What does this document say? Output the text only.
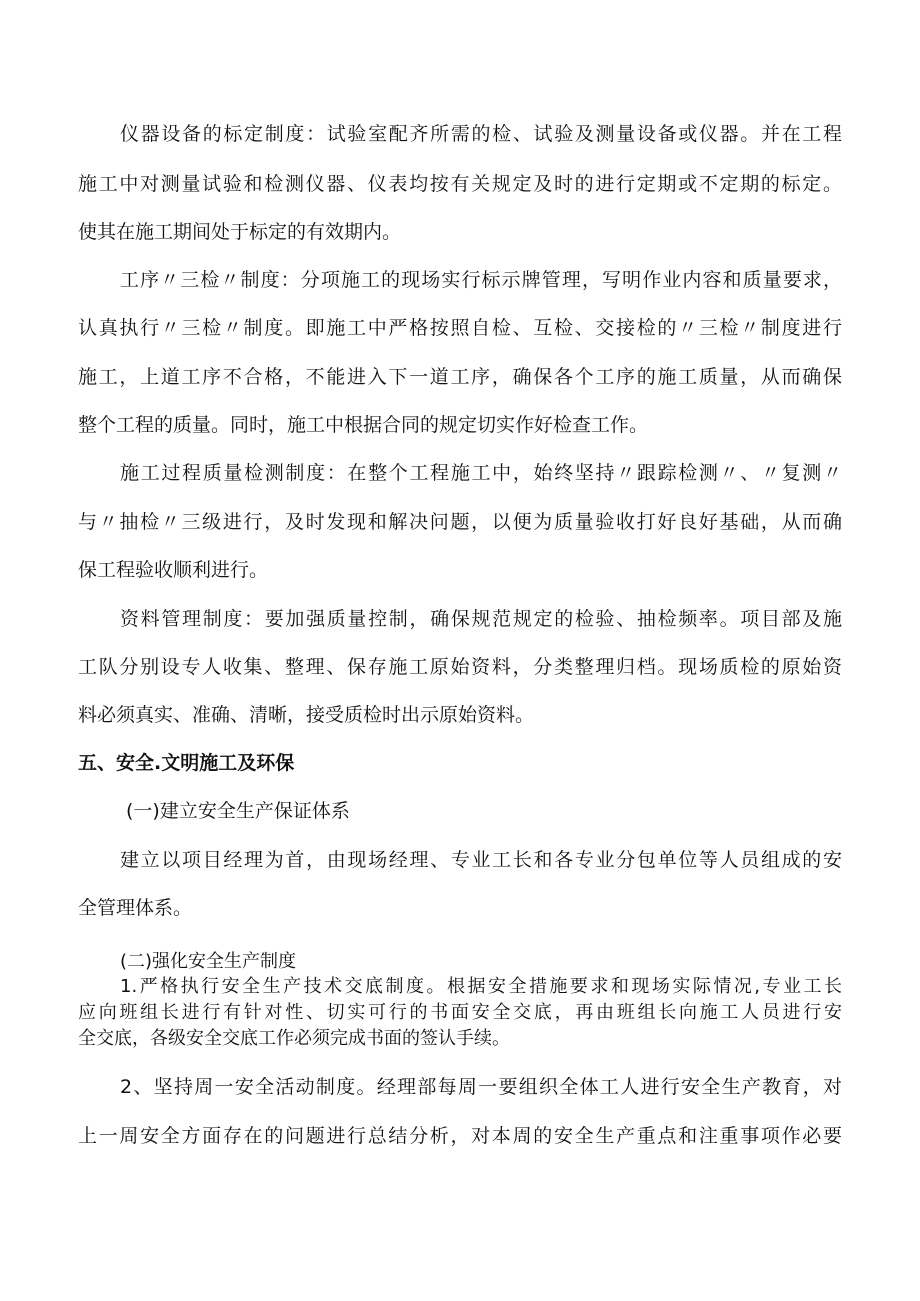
仪器设备的标定制度：试验室配齐所需的检、试验及测量设备或仪器。并在工程

施工中对测量试验和检测仪器、仪表均按有关规定及时的进行定期或不定期的标定。

使其在施工期间处于标定的有效期内。

工序〃三检〃制度：分项施工的现场实行标示牌管理，写明作业内容和质量要求，

认真执行〃三检〃制度。即施工中严格按照自检、互检、交接检的〃三检〃制度进行

施工，上道工序不合格，不能进入下一道工序，确保各个工序的施工质量，从而确保

整个工程的质量。同时，施工中根据合同的规定切实作好检查工作。

施工过程质量检测制度：在整个工程施工中，始终坚持〃跟踪检测〃、〃复测〃

与〃抽检〃三级进行，及时发现和解决问题，以便为质量验收打好良好基础，从而确

保工程验收顺利进行。

资料管理制度：要加强质量控制，确保规范规定的检验、抽检频率。项目部及施

工队分别设专人收集、整理、保存施工原始资料，分类整理归档。现场质检的原始资

料必须真实、准确、清晰，接受质检时出示原始资料。

五、安全.文明施工及环保
(一)建立安全生产保证体系

建立以项目经理为首，由现场经理、专业工长和各专业分包单位等人员组成的安

全管理体系。

(二)强化安全生产制度

1.严格执行安全生产技术交底制度。根据安全措施要求和现场实际情况,专业工长

应向班组长进行有针对性、切实可行的书面安全交底，再由班组长向施工人员进行安

全交底，各级安全交底工作必须完成书面的签认手续。

2、坚持周一安全活动制度。经理部每周一要组织全体工人进行安全生产教育，对

上一周安全方面存在的问题进行总结分析，对本周的安全生产重点和注重事项作必要
